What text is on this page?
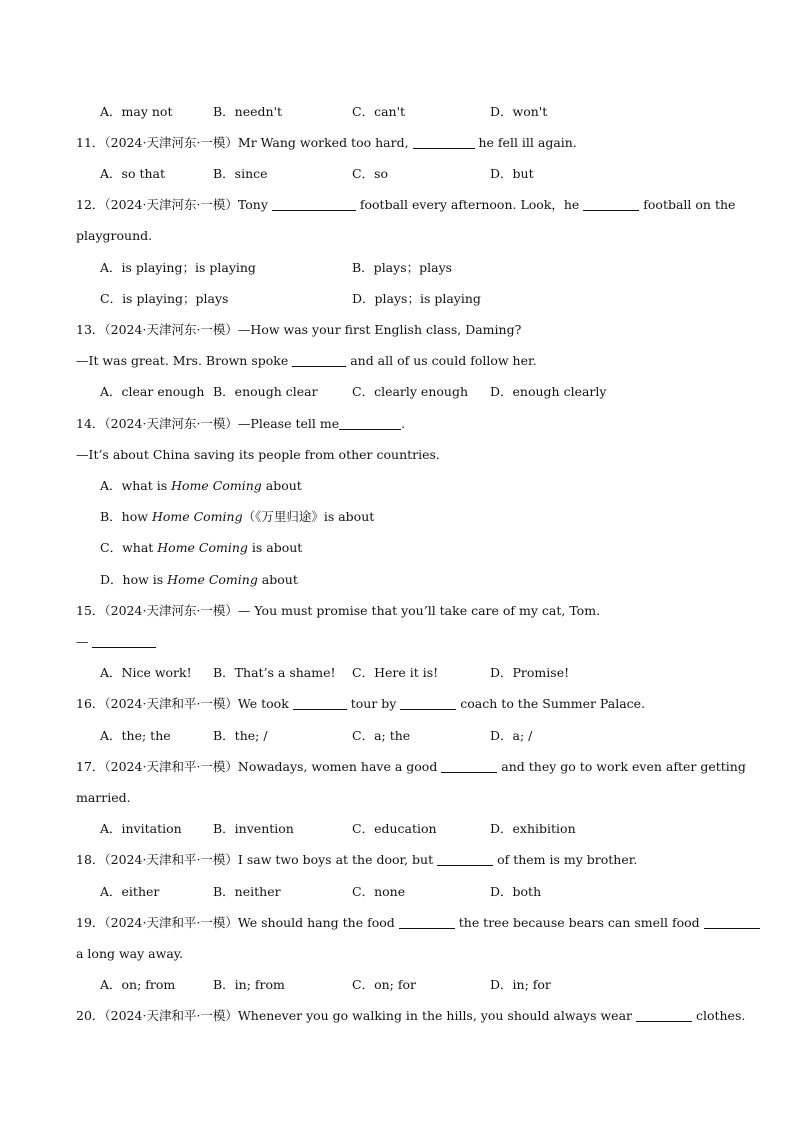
A．may not	B．needn't	C．can't	D．won't
11．（2024·天津河东·一模）Mr Wang worked too hard,	he fell ill again.
A．so that	B．since	C．so	D．but
12．（2024·天津河东·一模）Tony	football every afternoon. Look，he	football on the
playground.
A．is playing；is playing	B．plays；plays
C．is playing；plays	D．plays；is playing
13．（2024·天津河东·一模）—How was your first English class, Daming?
—It was great. Mrs. Brown spoke	and all of us could follow her.
A．clear enough B．enough clear	C．clearly enough D．enough clearly
14．（2024·天津河东·一模）—Please tell me	.
—It’s about China saving its people from other countries.
A．what is Home Coming about
B．how Home Coming（《万里归途》is about
C．what Home Coming is about
D．how is Home Coming about
15．（2024·天津河东·一模）— You must promise that you’ll take care of my cat, Tom.
—
A．Nice work! B．That’s a shame! C．Here it is!	D．Promise!
16．（2024·天津和平·一模）We took	tour by	coach to the Summer Palace.
A．the; the	B．the; /	C．a; the	D．a; /
17．（2024·天津和平·一模）Nowadays, women have a good	and they go to work even after getting
married.
A．invitation	B．invention	C．education	D．exhibition
18．（2024·天津和平·一模）I saw two boys at the door, but	of them is my brother.
A．either	B．neither	C．none	D．both
19．（2024·天津和平·一模）We should hang the food	the tree because bears can smell food
a long way away.
A．on; from	B．in; from	C．on; for	D．in; for
20．（2024·天津和平·一模）Whenever you go walking in the hills, you should always wear	clothes.
